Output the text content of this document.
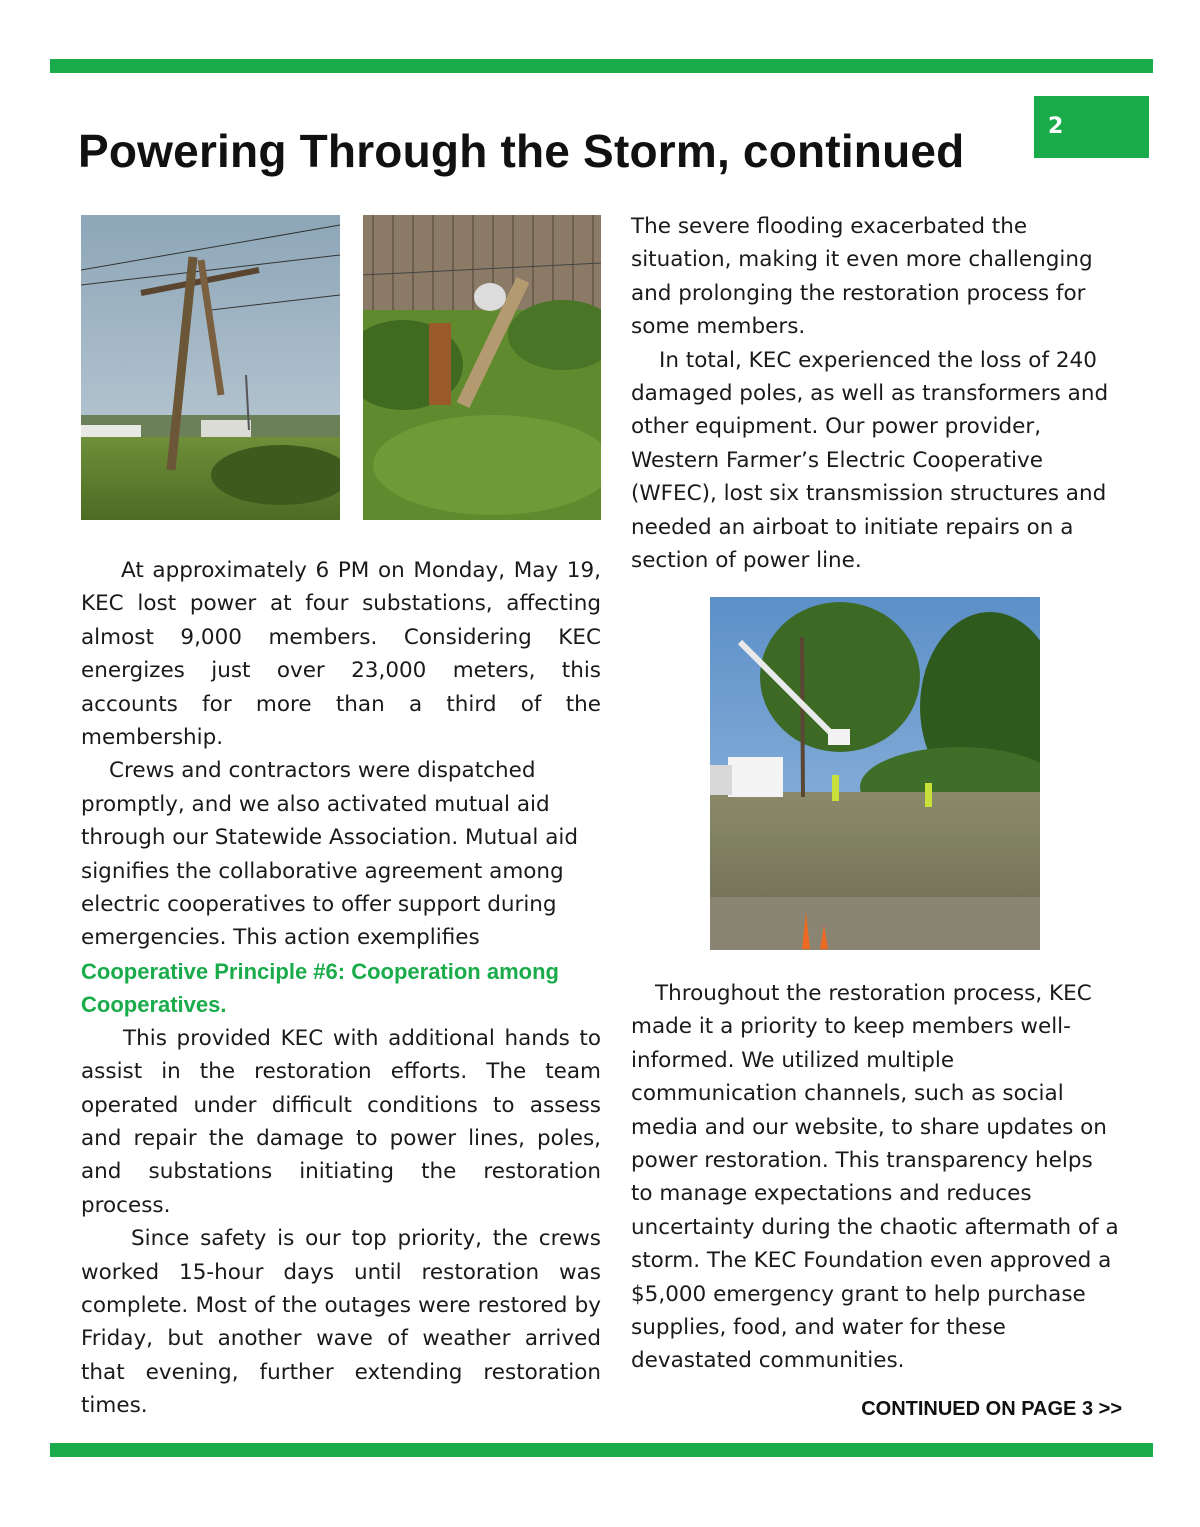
2
Powering Through the Storm, continued

At approximately 6 PM on Monday, May 19, KEC lost power at four substations, affecting almost 9,000 members. Considering KEC energizes just over 23,000 meters, this accounts for more than a third of the membership.

Crews and contractors were dispatched promptly, and we also activated mutual aid through our Statewide Association. Mutual aid signifies the collaborative agreement among electric cooperatives to offer support during emergencies. This action exemplifies

Cooperative Principle #6: Cooperation among Cooperatives.

This provided KEC with additional hands to assist in the restoration efforts. The team operated under difficult conditions to assess and repair the damage to power lines, poles, and substations initiating the restoration process.

Since safety is our top priority, the crews worked 15-hour days until restoration was complete. Most of the outages were restored by Friday, but another wave of weather arrived that evening, further extending restoration times.

The severe flooding exacerbated the situation, making it even more challenging and prolonging the restoration process for some members.

In total, KEC experienced the loss of 240 damaged poles, as well as transformers and other equipment. Our power provider, Western Farmer’s Electric Cooperative (WFEC), lost six transmission structures and needed an airboat to initiate repairs on a section of power line.

Throughout the restoration process, KEC made it a priority to keep members well-informed. We utilized multiple communication channels, such as social media and our website, to share updates on power restoration. This transparency helps to manage expectations and reduces uncertainty during the chaotic aftermath of a storm. The KEC Foundation even approved a $5,000 emergency grant to help purchase supplies, food, and water for these devastated communities.

CONTINUED ON PAGE 3 >>
